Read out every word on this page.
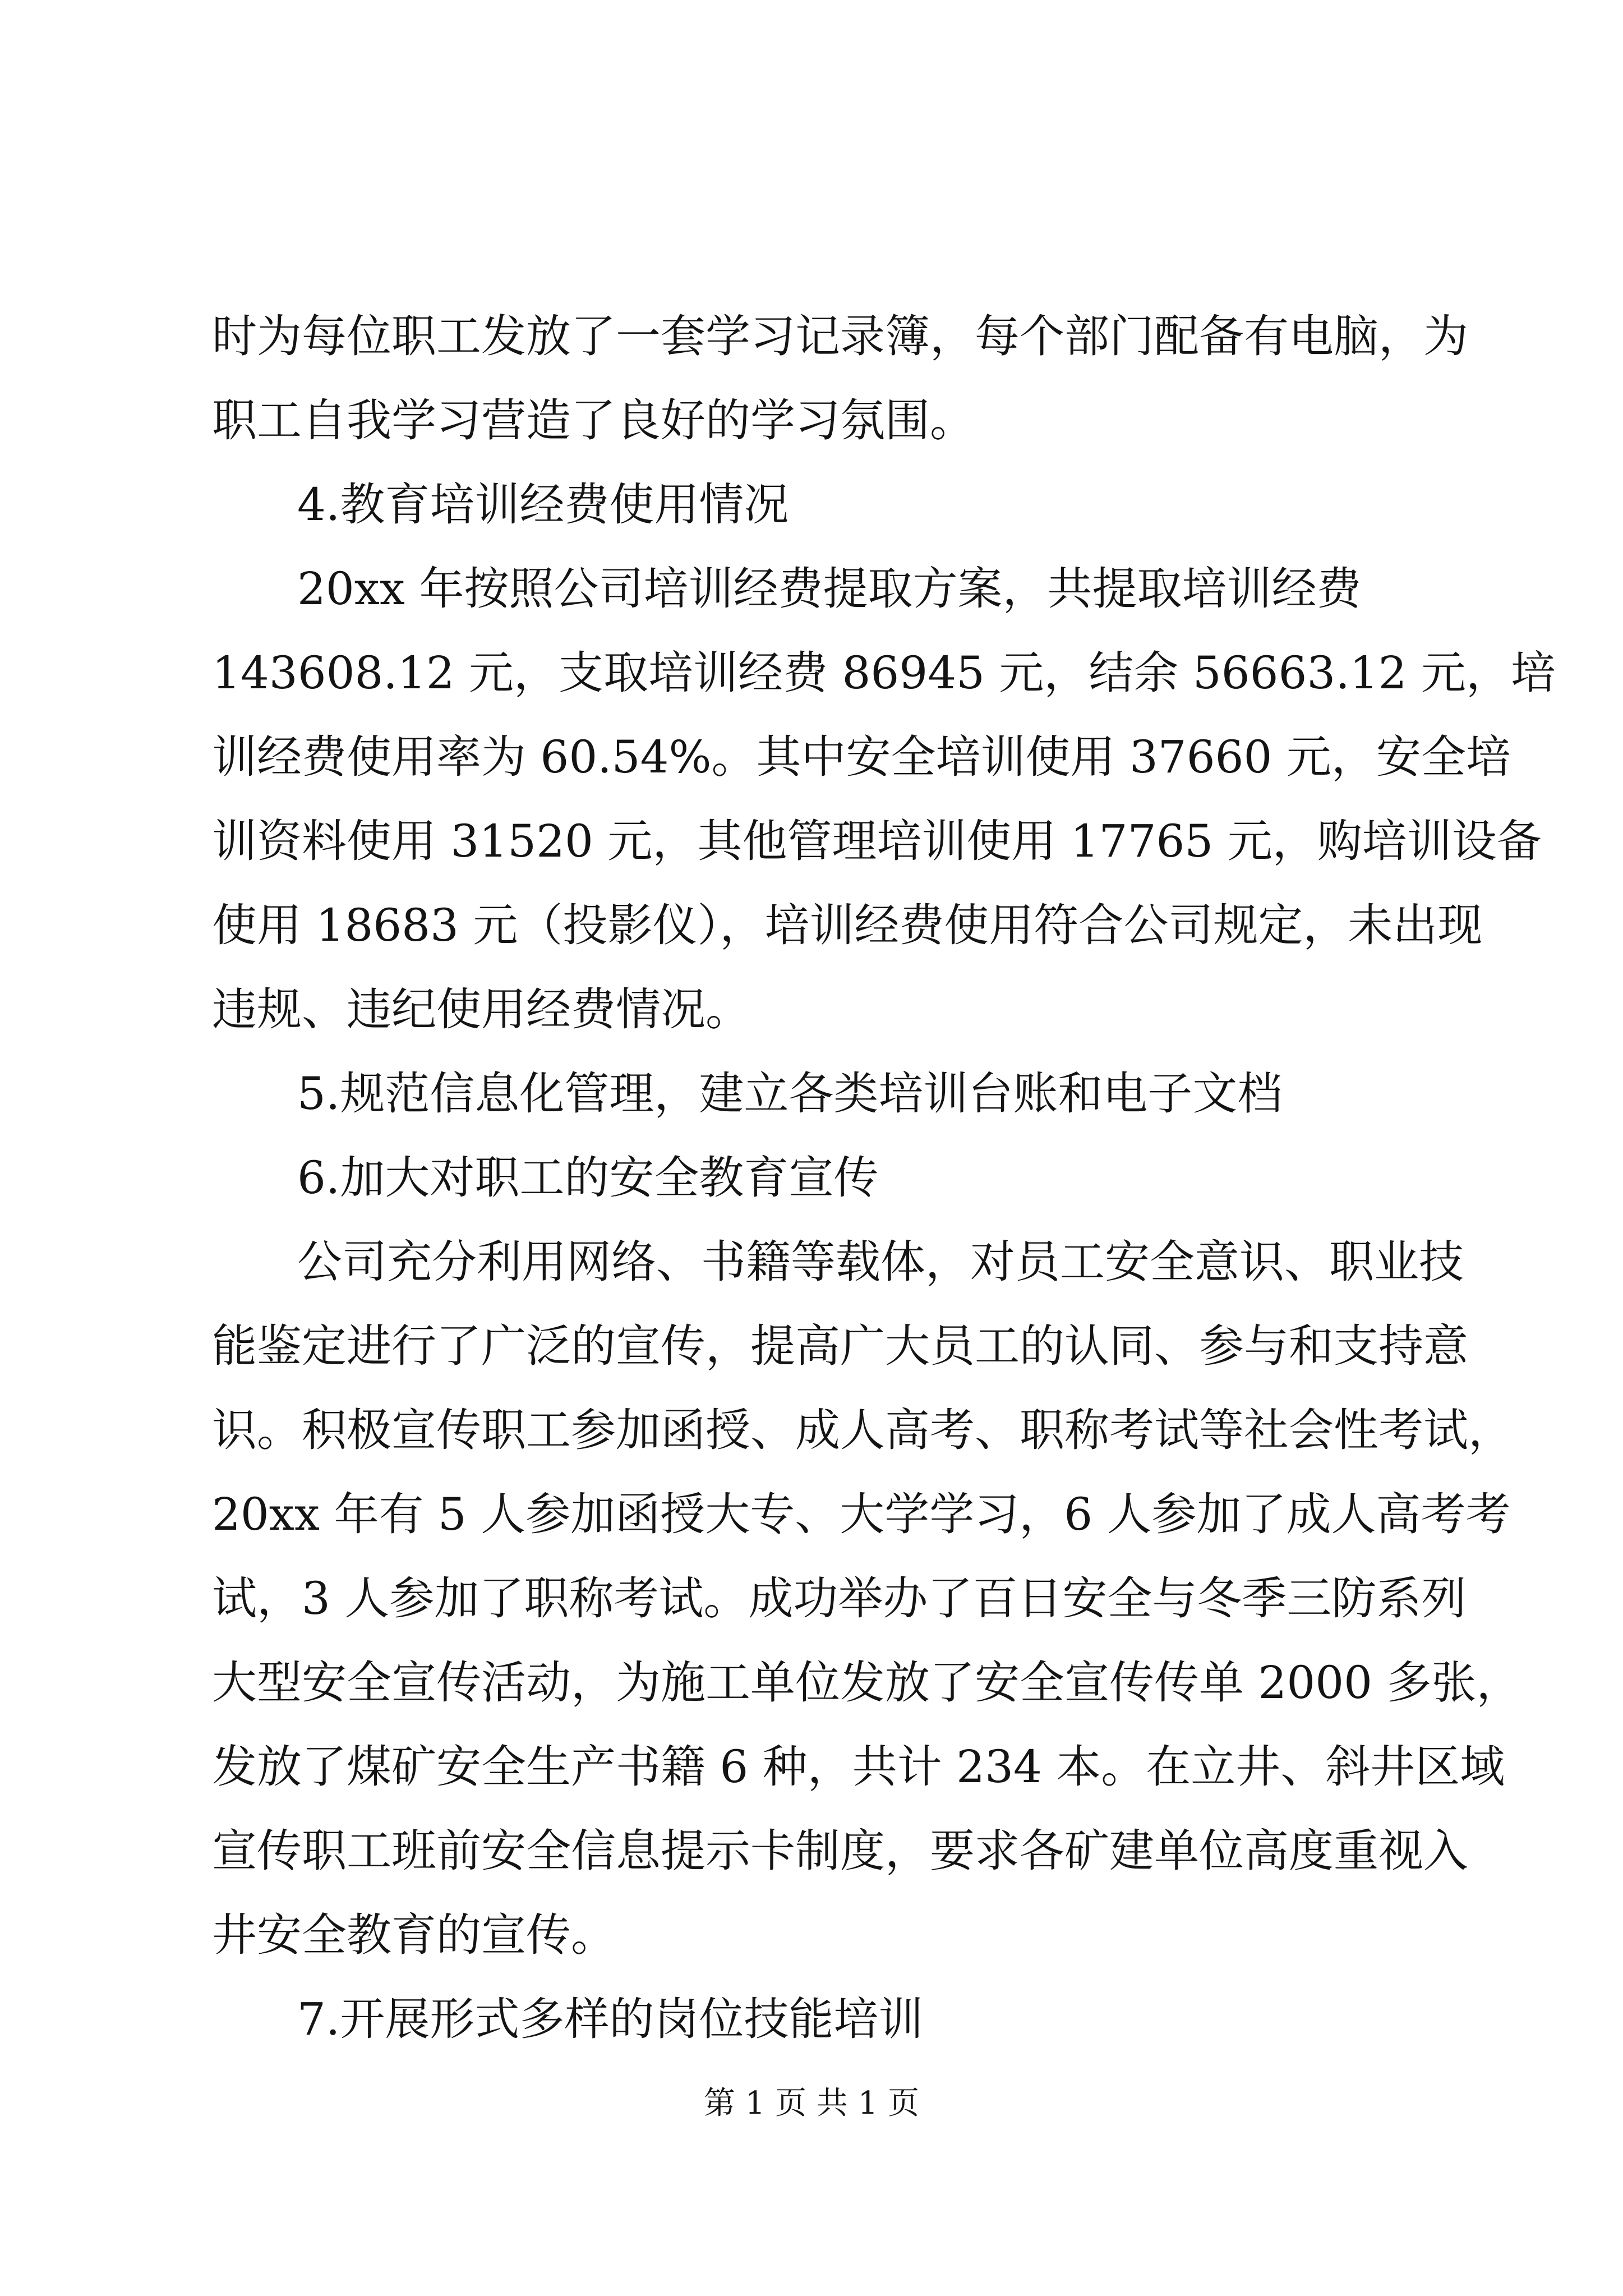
时为每位职工发放了一套学习记录簿，每个部门配备有电脑，为
职工自我学习营造了良好的学习氛围。
4.教育培训经费使用情况
20xx 年按照公司培训经费提取方案，共提取培训经费
143608.12 元，支取培训经费 86945 元，结余 56663.12 元，培
训经费使用率为 60.54%。其中安全培训使用 37660 元，安全培
训资料使用 31520 元，其他管理培训使用 17765 元，购培训设备
使用 18683 元（投影仪），培训经费使用符合公司规定，未出现
违规、违纪使用经费情况。
5.规范信息化管理，建立各类培训台账和电子文档
6.加大对职工的安全教育宣传
公司充分利用网络、书籍等载体，对员工安全意识、职业技
能鉴定进行了广泛的宣传，提高广大员工的认同、参与和支持意
识。积极宣传职工参加函授、成人高考、职称考试等社会性考试，
20xx 年有 5 人参加函授大专、大学学习，6 人参加了成人高考考
试，3 人参加了职称考试。成功举办了百日安全与冬季三防系列
大型安全宣传活动，为施工单位发放了安全宣传传单 2000 多张，
发放了煤矿安全生产书籍 6 种，共计 234 本。在立井、斜井区域
宣传职工班前安全信息提示卡制度，要求各矿建单位高度重视入
井安全教育的宣传。
7.开展形式多样的岗位技能培训
第 1 页 共 1 页
